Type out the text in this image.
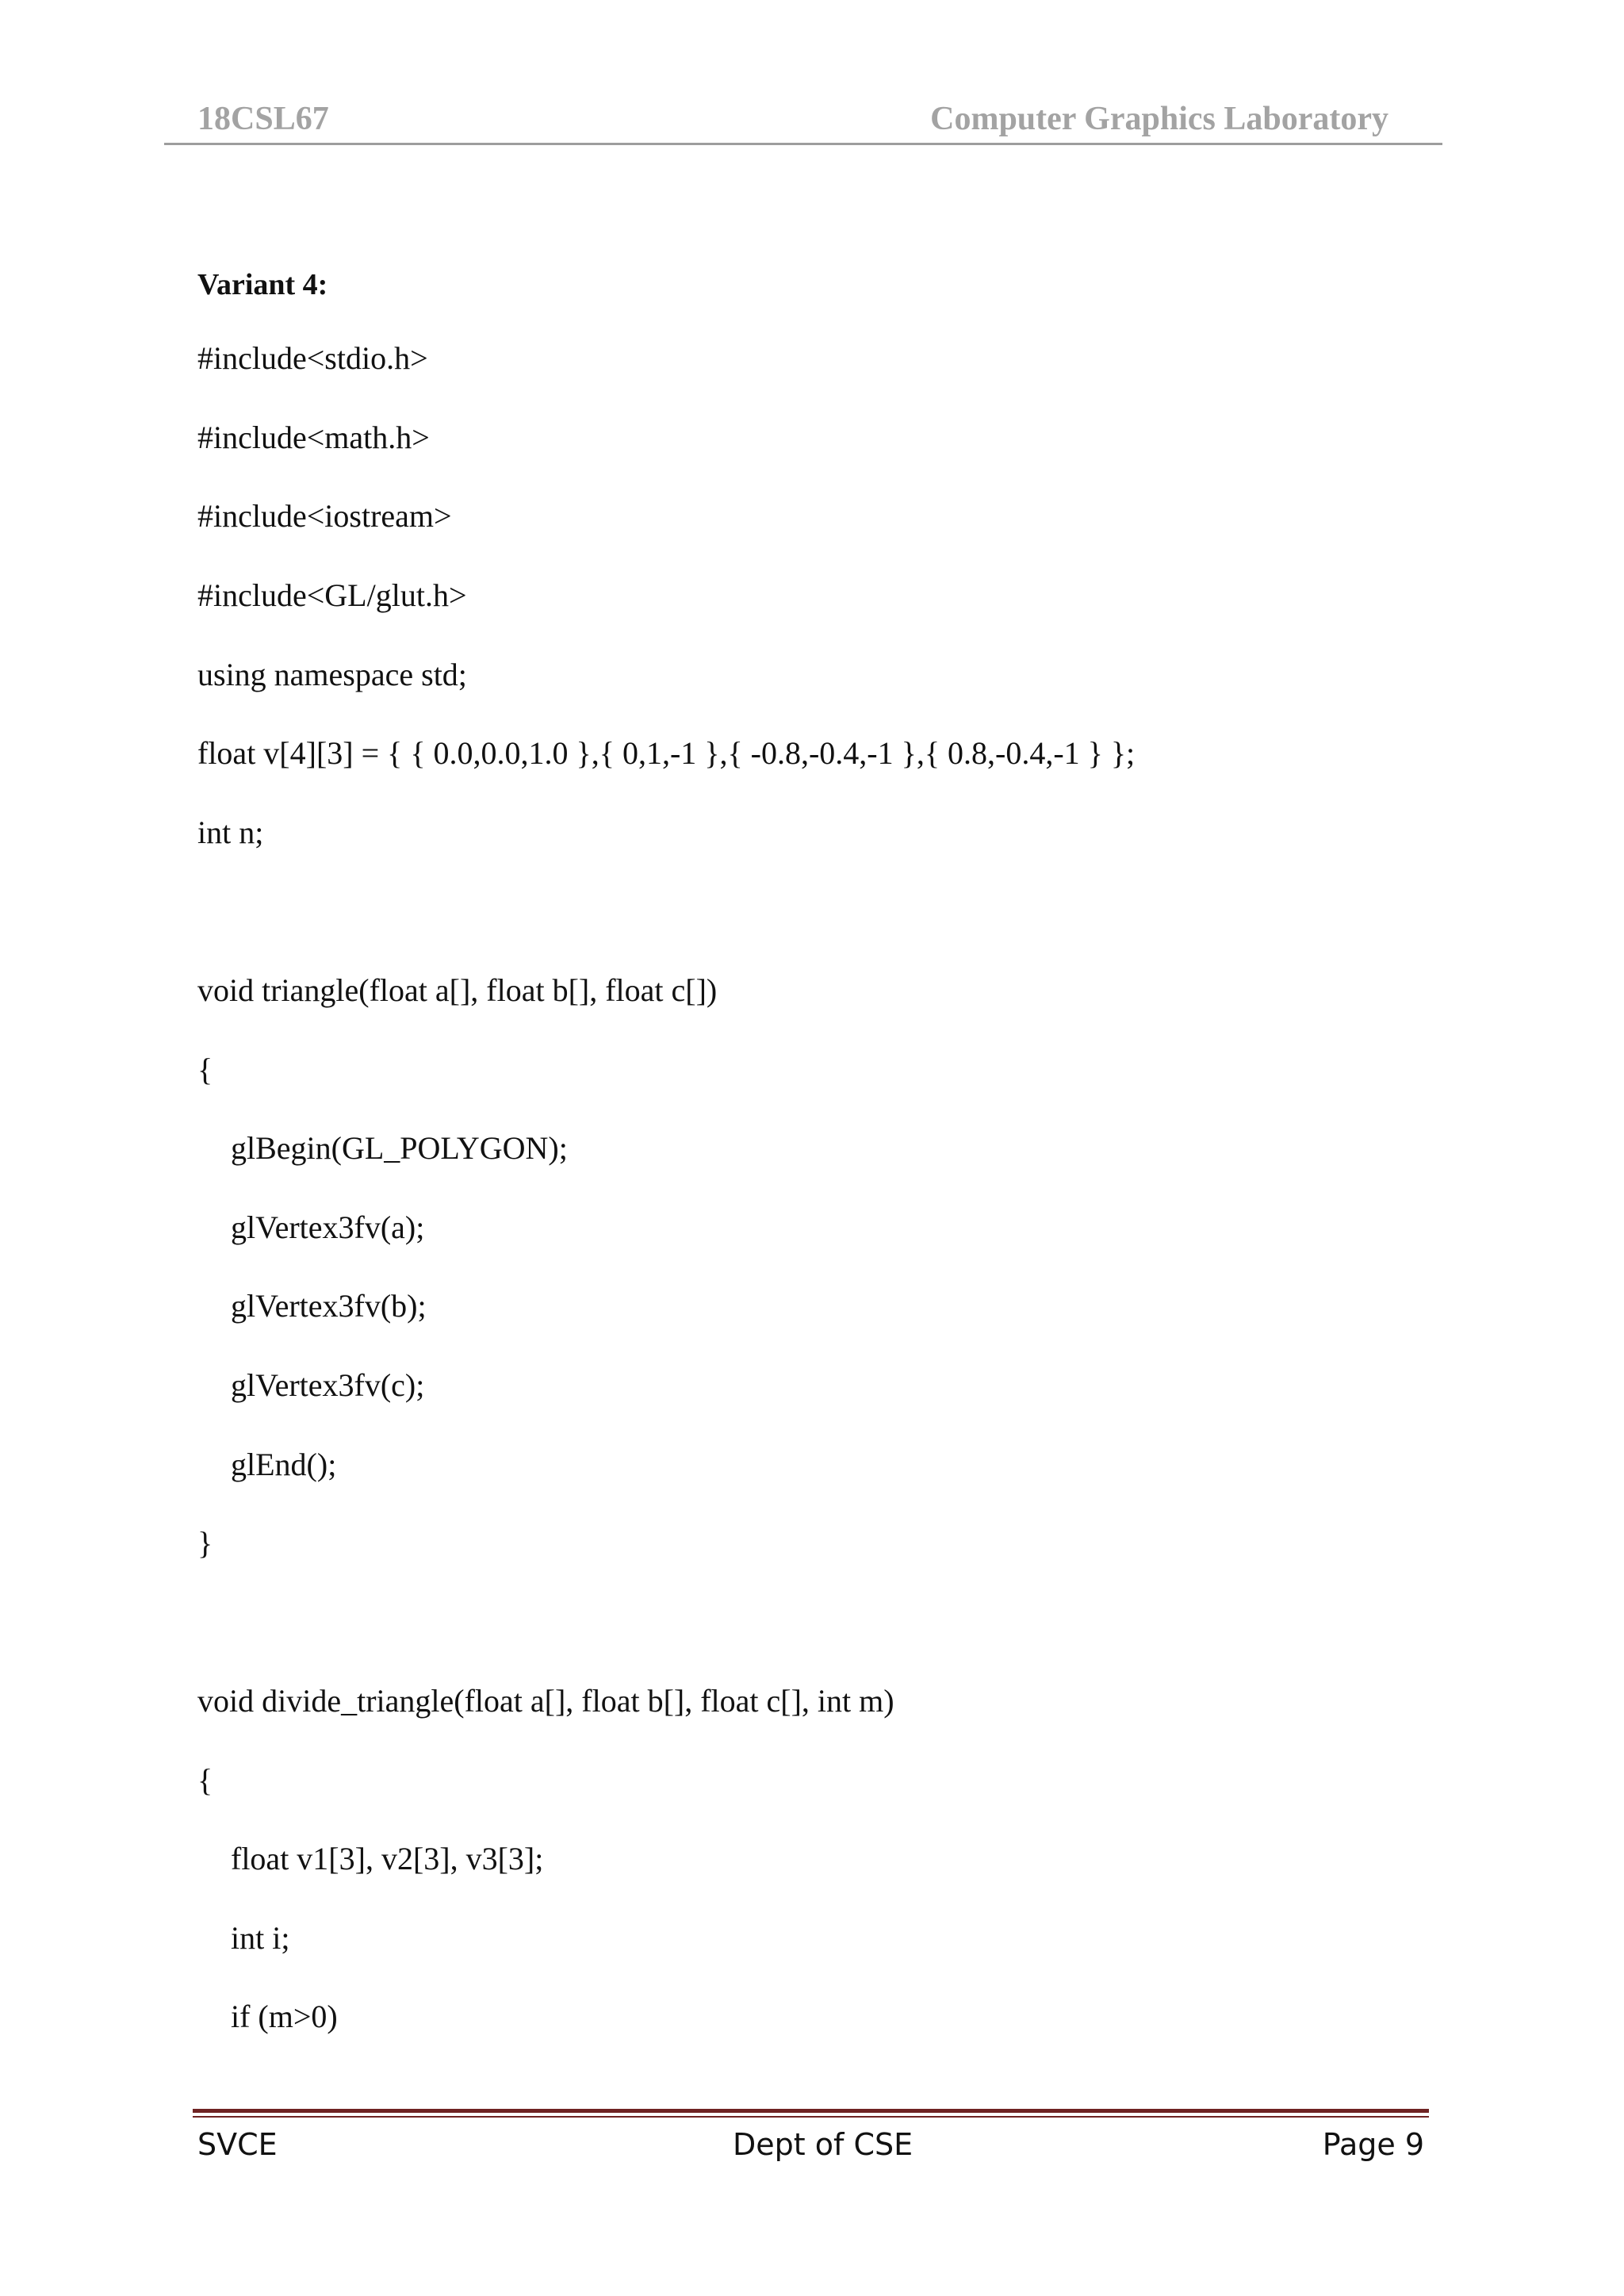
18CSL67	Computer Graphics Laboratory
Variant 4:
#include<stdio.h>
#include<math.h>
#include<iostream>
#include<GL/glut.h>
using namespace std;
float v[4][3] = { { 0.0,0.0,1.0 },{ 0,1,-1 },{ -0.8,-0.4,-1 },{ 0.8,-0.4,-1 } };
int n;
void triangle(float a[], float b[], float c[])
{
glBegin(GL_POLYGON);
glVertex3fv(a);
glVertex3fv(b);
glVertex3fv(c);
glEnd();
}
void divide_triangle(float a[], float b[], float c[], int m)
{
float v1[3], v2[3], v3[3];
int i;
if (m>0)
SVCE	Dept of CSE	Page 9
